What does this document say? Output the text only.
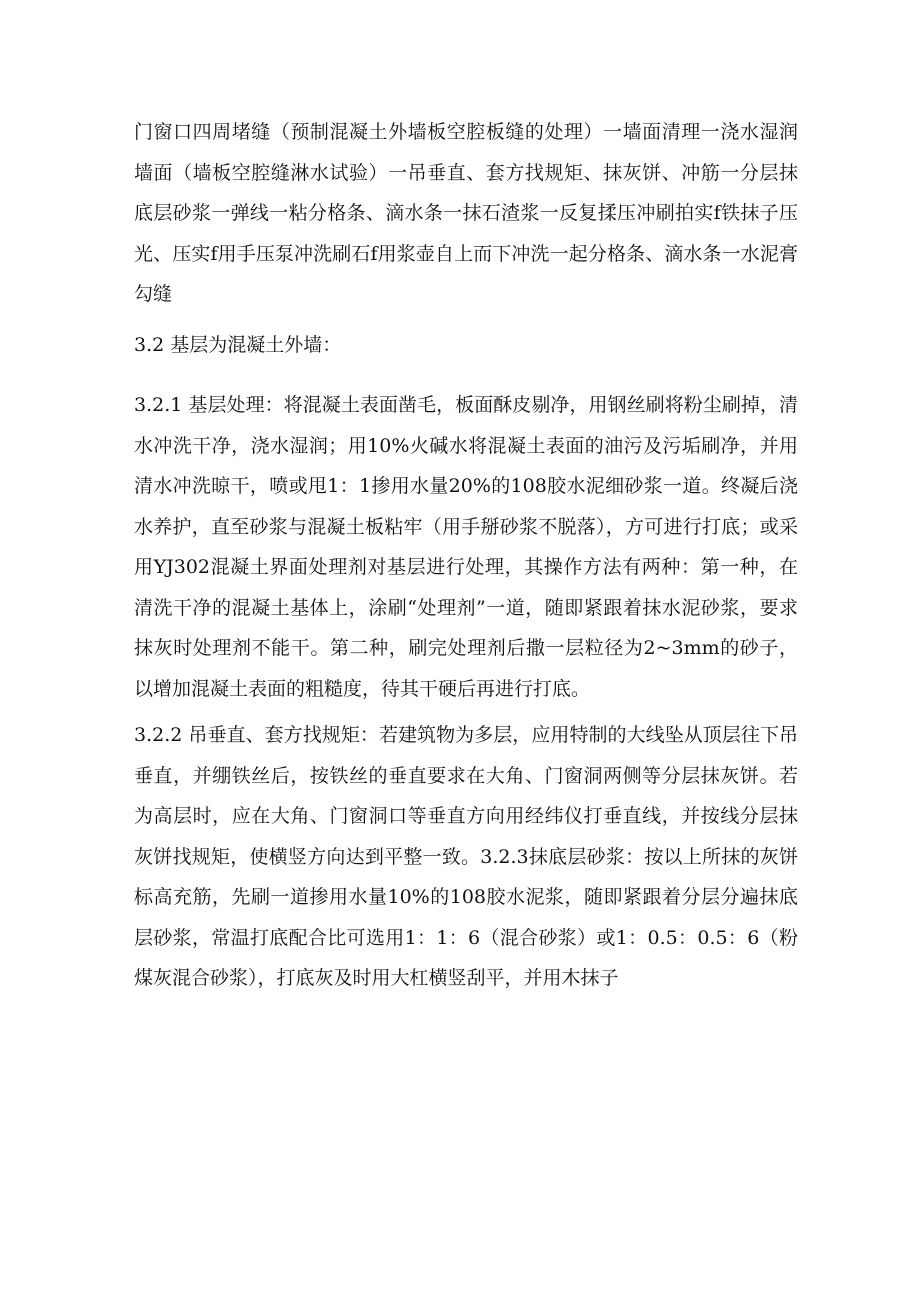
门窗口四周堵缝（预制混凝土外墙板空腔板缝的处理）一墙面清理一浇水湿润墙面（墙板空腔缝淋水试验）一吊垂直、套方找规矩、抹灰饼、冲筋一分层抹底层砂浆一弹线一粘分格条、滴水条一抹石渣浆一反复揉压冲刷拍实f铁抹子压光、压实f用手压泵冲洗刷石f用浆壶自上而下冲洗一起分格条、滴水条一水泥膏勾缝

3.2 基层为混凝土外墙：

3.2.1 基层处理：将混凝土表面凿毛，板面酥皮剔净，用钢丝刷将粉尘刷掉，清水冲洗干净，浇水湿润；用10%火碱水将混凝土表面的油污及污垢刷净，并用清水冲洗晾干，喷或甩1：1掺用水量20%的108胶水泥细砂浆一道。终凝后浇水养护，直至砂浆与混凝土板粘牢（用手掰砂浆不脱落），方可进行打底；或采用YJ302混凝土界面处理剂对基层进行处理，其操作方法有两种：第一种，在清洗干净的混凝土基体上，涂刷“处理剂”一道，随即紧跟着抹水泥砂浆，要求抹灰时处理剂不能干。第二种，刷完处理剂后撒一层粒径为2~3mm的砂子，以增加混凝土表面的粗糙度，待其干硬后再进行打底。

3.2.2 吊垂直、套方找规矩：若建筑物为多层，应用特制的大线坠从顶层往下吊垂直，并绷铁丝后，按铁丝的垂直要求在大角、门窗洞两侧等分层抹灰饼。若为高层时，应在大角、门窗洞口等垂直方向用经纬仪打垂直线，并按线分层抹灰饼找规矩，使横竖方向达到平整一致。3.2.3抹底层砂浆：按以上所抹的灰饼标高充筋，先刷一道掺用水量10%的108胶水泥浆，随即紧跟着分层分遍抹底层砂浆，常温打底配合比可选用1：1：6（混合砂浆）或1：0.5：0.5：6（粉煤灰混合砂浆），打底灰及时用大杠横竖刮平，并用木抹子
